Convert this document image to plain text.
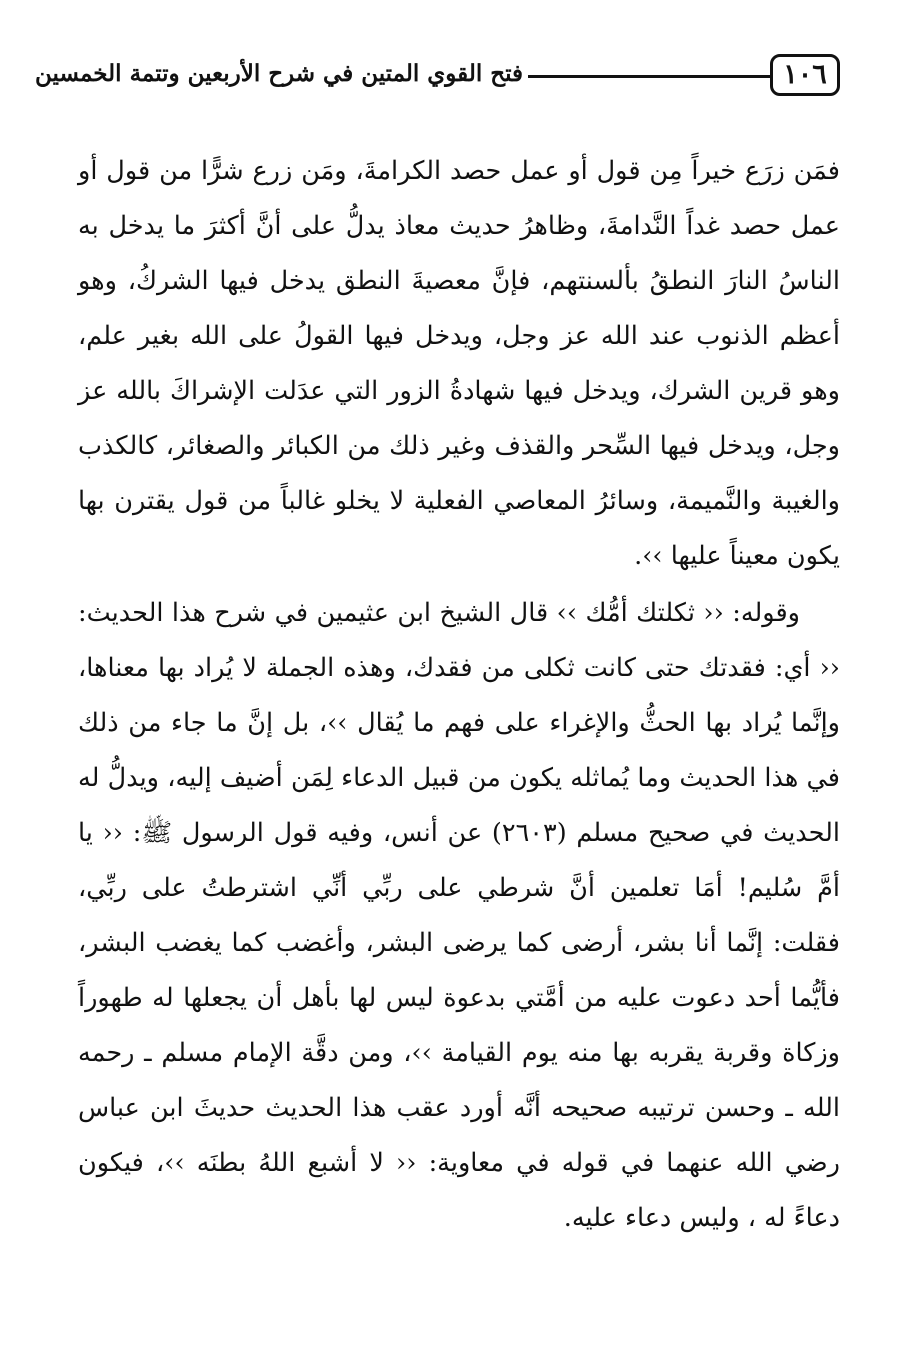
١٠٦
فتح القوي المتين في شرح الأربعين وتتمة الخمسين

فمَن زرَع خيراً مِن قول أو عمل حصد الكرامةَ، ومَن زرع شرًّا من قول أو عمل حصد غداً النَّدامةَ، وظاهرُ حديث معاذ يدلُّ على أنَّ أكثرَ ما يدخل به الناسُ النارَ النطقُ بألسنتهم، فإنَّ معصيةَ النطق يدخل فيها الشركُ، وهو أعظم الذنوب عند الله عز وجل، ويدخل فيها القولُ على الله بغير علم، وهو قرين الشرك، ويدخل فيها شهادةُ الزور التي عدَلت الإشراكَ بالله عز وجل، ويدخل فيها السِّحر والقذف وغير ذلك من الكبائر والصغائر، كالكذب والغيبة والنَّميمة، وسائرُ المعاصي الفعلية لا يخلو غالباً من قول يقترن بها يكون معيناً عليها ››.

وقوله: ‹‹ ثكلتك أمُّك ›› قال الشيخ ابن عثيمين في شرح هذا الحديث: ‹‹ أي: فقدتك حتى كانت ثكلى من فقدك، وهذه الجملة لا يُراد بها معناها، وإنَّما يُراد بها الحثُّ والإغراء على فهم ما يُقال ››، بل إنَّ ما جاء من ذلك في هذا الحديث وما يُماثله يكون من قبيل الدعاء لِمَن أضيف إليه، ويدلُّ له الحديث في صحيح مسلم (٢٦٠٣) عن أنس، وفيه قول الرسول ﷺ: ‹‹ يا أمَّ سُليم! أمَا تعلمين أنَّ شرطي على ربِّي أنِّي اشترطتُ على ربِّي، فقلت: إنَّما أنا بشر، أرضى كما يرضى البشر، وأغضب كما يغضب البشر، فأيُّما أحد دعوت عليه من أمَّتي بدعوة ليس لها بأهل أن يجعلها له طهوراً وزكاة وقربة يقربه بها منه يوم القيامة ››، ومن دقَّة الإمام مسلم ـ رحمه الله ـ وحسن ترتيبه صحيحه أنَّه أورد عقب هذا الحديث حديثَ ابن عباس رضي الله عنهما في قوله في معاوية: ‹‹ لا أشبع اللهُ بطنَه ››، فيكون دعاءً له ، وليس دعاء عليه.
